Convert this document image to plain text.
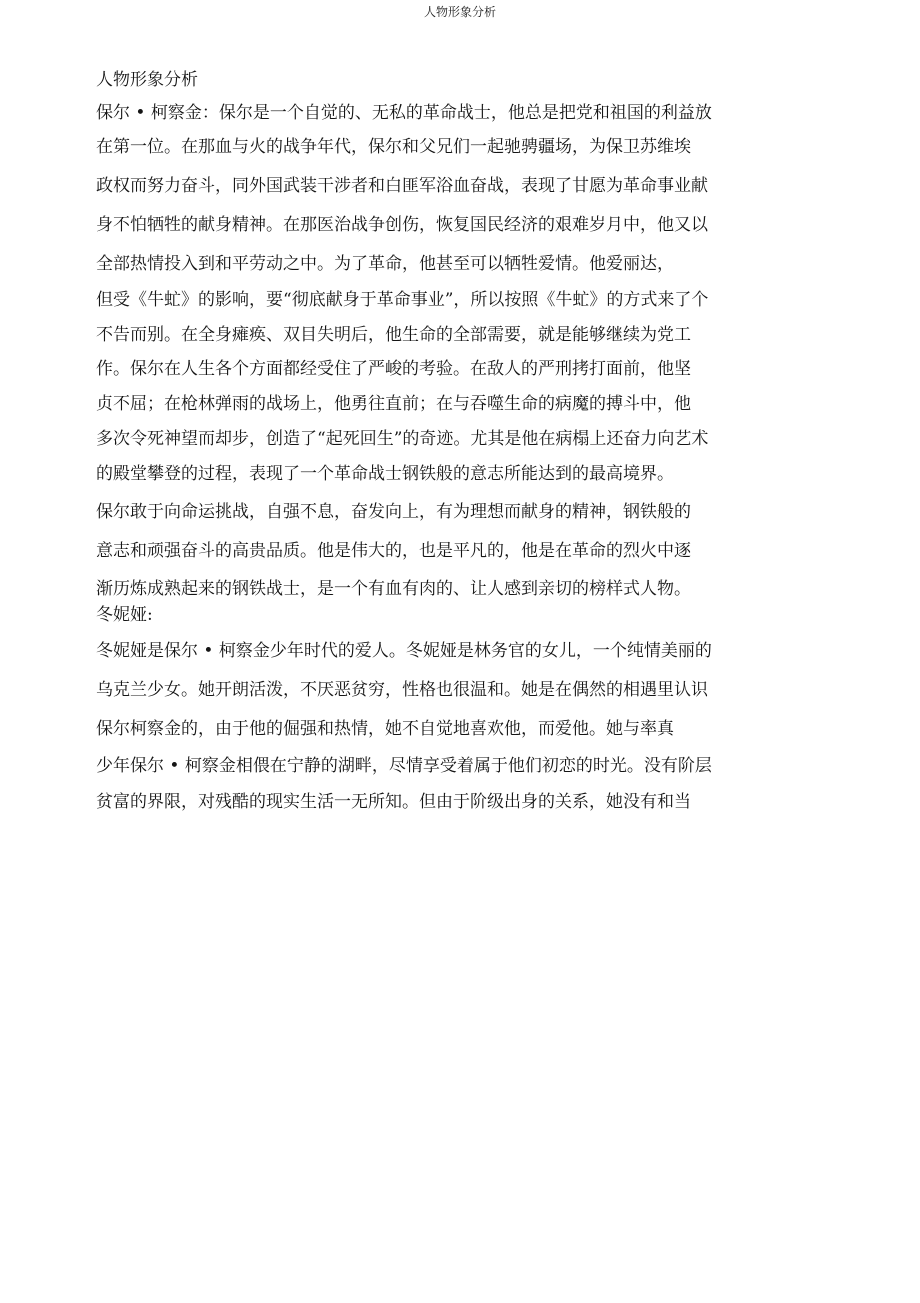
人物形象分析
人物形象分析
保尔 • 柯察金：保尔是一个自觉的、无私的革命战士，他总是把党和祖国的利益放
在第一位。在那血与火的战争年代，保尔和父兄们一起驰骋疆场，为保卫苏维埃
政权而努力奋斗，同外国武装干涉者和白匪军浴血奋战，表现了甘愿为革命事业献
身不怕牺牲的献身精神。在那医治战争创伤，恢复国民经济的艰难岁月中，他又以
全部热情投入到和平劳动之中。为了革命，他甚至可以牺牲爱情。他爱丽达，
但受《牛虻》的影响，要“彻底献身于革命事业”，所以按照《牛虻》的方式来了个
不告而别。在全身瘫痪、双目失明后，他生命的全部需要，就是能够继续为党工
作。保尔在人生各个方面都经受住了严峻的考验。在敌人的严刑拷打面前，他坚
贞不屈；在枪林弹雨的战场上，他勇往直前；在与吞噬生命的病魔的搏斗中，他
多次令死神望而却步，创造了“起死回生”的奇迹。尤其是他在病榻上还奋力向艺术
的殿堂攀登的过程，表现了一个革命战士钢铁般的意志所能达到的最高境界。
保尔敢于向命运挑战，自强不息，奋发向上，有为理想而献身的精神，钢铁般的
意志和顽强奋斗的高贵品质。他是伟大的，也是平凡的，他是在革命的烈火中逐
渐历炼成熟起来的钢铁战士，是一个有血有肉的、让人感到亲切的榜样式人物。
冬妮娅:
冬妮娅是保尔 • 柯察金少年时代的爱人。冬妮娅是林务官的女儿，一个纯情美丽的
乌克兰少女。她开朗活泼，不厌恶贫穷，性格也很温和。她是在偶然的相遇里认识
保尔柯察金的，由于他的倔强和热情，她不自觉地喜欢他，而爱他。她与率真
少年保尔 • 柯察金相偎在宁静的湖畔，尽情享受着属于他们初恋的时光。没有阶层
贫富的界限，对残酷的现实生活一无所知。但由于阶级出身的关系，她没有和当
